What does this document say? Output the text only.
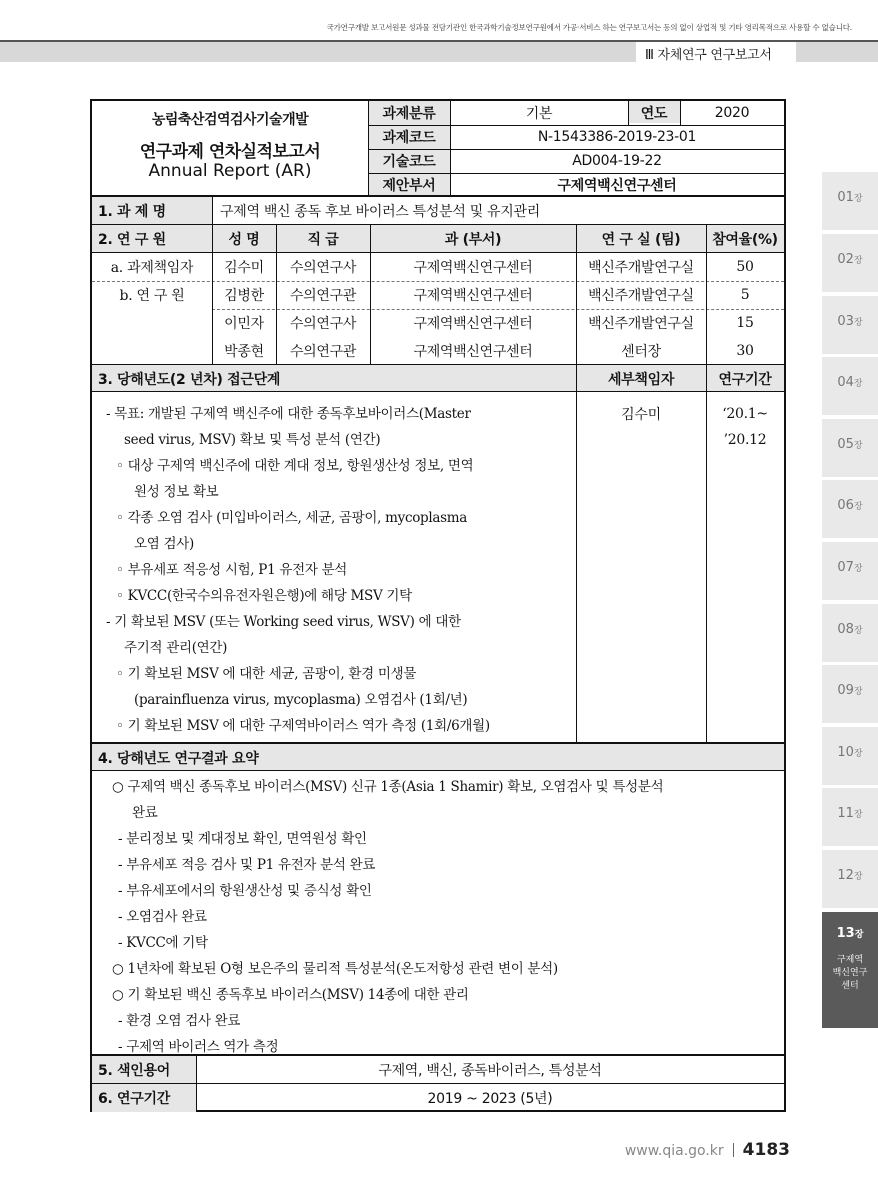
국가연구개발 보고서원문 성과물 전담기관인 한국과학기술정보연구원에서 가공·서비스 하는 연구보고서는 동의 없이 상업적 및 기타 영리목적으로 사용할 수 없습니다.
Ⅲ 자체연구 연구보고서
농림축산검역검사기술개발
연구과제 연차실적보고서
Annual Report (AR)
과제분류	기본	연도	2020
과제코드	N-1543386-2019-23-01
기술코드	AD004-19-22
제안부서	구제역백신연구센터
1. 과 제 명	구제역 백신 종독 후보 바이러스 특성분석 및 유지관리
2. 연 구 원	성 명	직 급	과 (부서)	연 구 실 (팀)	참여율(%)
a. 과제책임자	김수미	수의연구사	구제역백신연구센터	백신주개발연구실	50
b. 연 구 원	김병한	수의연구관	구제역백신연구센터	백신주개발연구실	5
이민자	수의연구사	구제역백신연구센터	백신주개발연구실	15
박종현	수의연구관	구제역백신연구센터	센터장	30
3. 당해년도(2 년차) 접근단계	세부책임자	연구기간
- 목표: 개발된 구제역 백신주에 대한 종독후보바이러스(Master
seed virus, MSV) 확보 및 특성 분석 (연간)
◦ 대상 구제역 백신주에 대한 계대 정보, 항원생산성 정보, 면역
원성 정보 확보
◦ 각종 오염 검사 (미입바이러스, 세균, 곰팡이, mycoplasma
오염 검사)
◦ 부유세포 적응성 시험, P1 유전자 분석
◦ KVCC(한국수의유전자원은행)에 해당 MSV 기탁
- 기 확보된 MSV (또는 Working seed virus, WSV) 에 대한
주기적 관리(연간)
◦ 기 확보된 MSV 에 대한 세균, 곰팡이, 환경 미생물
(parainfluenza virus, mycoplasma) 오염검사 (1회/년)
◦ 기 확보된 MSV 에 대한 구제역바이러스 역가 측정 (1회/6개월)
김수미	‘20.1~
’20.12
4. 당해년도 연구결과 요약
○ 구제역 백신 종독후보 바이러스(MSV) 신규 1종(Asia 1 Shamir) 확보, 오염검사 및 특성분석
완료
- 분리정보 및 계대정보 확인, 면역원성 확인
- 부유세포 적응 검사 및 P1 유전자 분석 완료
- 부유세포에서의 항원생산성 및 증식성 확인
- 오염검사 완료
- KVCC에 기탁
○ 1년차에 확보된 O형 보은주의 물리적 특성분석(온도저항성 관련 변이 분석)
○ 기 확보된 백신 종독후보 바이러스(MSV) 14종에 대한 관리
- 환경 오염 검사 완료
- 구제역 바이러스 역가 측정
5. 색인용어	구제역, 백신, 종독바이러스, 특성분석
6. 연구기간	2019 ~ 2023 (5년)
01장
02장
03장
04장
05장
06장
07장
08장
09장
10장
11장
12장
13장
구제역
백신연구
센터
www.qia.go.kr 4183
